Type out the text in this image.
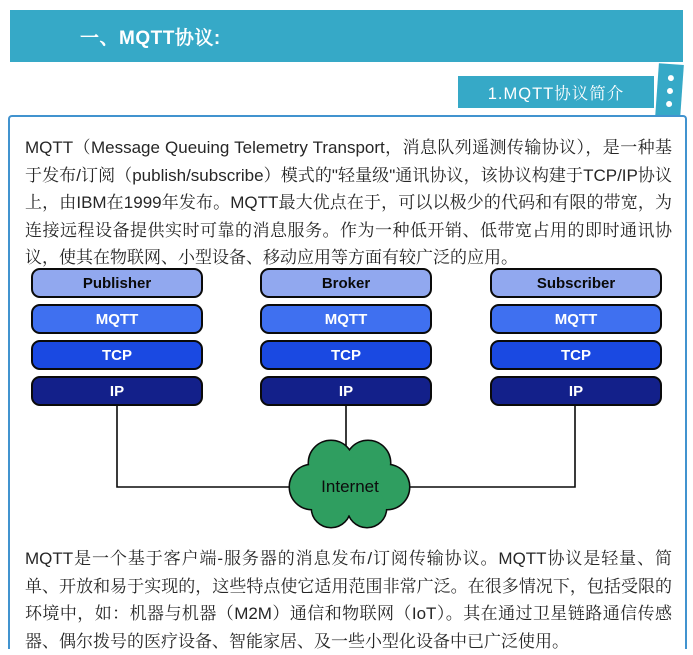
一、MQTT协议:
1.MQTT协议简介

MQTT（Message Queuing Telemetry Transport，消息队列遥测传输协议），是一种基于发布/订阅（publish/subscribe）模式的"轻量级"通讯协议，该协议构建于TCP/IP协议上，由IBM在1999年发布。MQTT最大优点在于，可以以极少的代码和有限的带宽，为连接远程设备提供实时可靠的消息服务。作为一种低开销、低带宽占用的即时通讯协议，使其在物联网、小型设备、移动应用等方面有较广泛的应用。

Publisher
MQTT
TCP
IP
Broker
MQTT
TCP
IP
Subscriber
MQTT
TCP
IP
Internet

MQTT是一个基于客户端-服务器的消息发布/订阅传输协议。MQTT协议是轻量、简单、开放和易于实现的，这些特点使它适用范围非常广泛。在很多情况下，包括受限的环境中，如：机器与机器（M2M）通信和物联网（IoT）。其在通过卫星链路通信传感器、偶尔拨号的医疗设备、智能家居、及一些小型化设备中已广泛使用。
